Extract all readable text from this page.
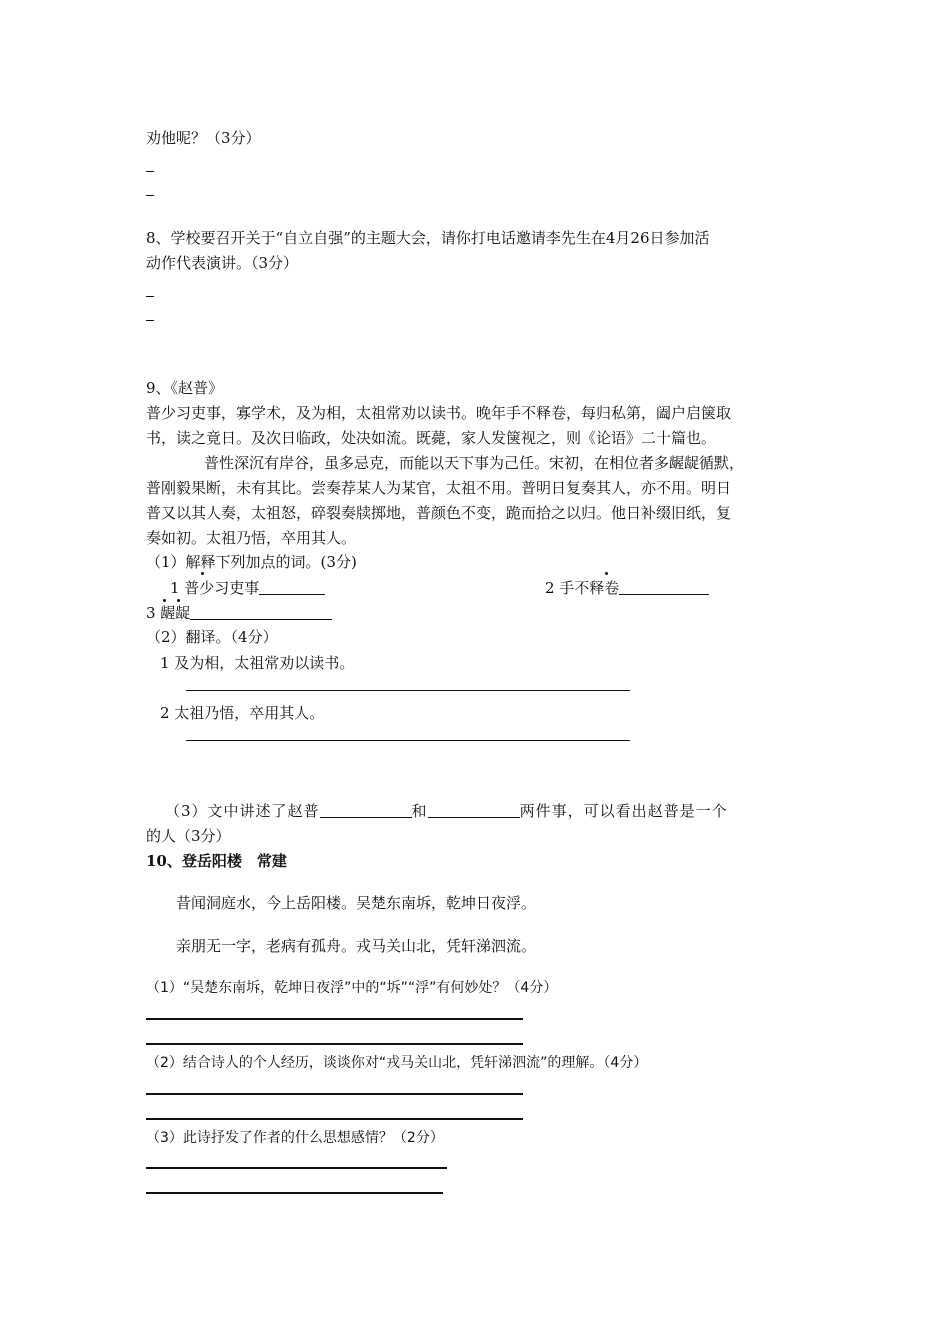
劝他呢？（3分）
8、学校要召开关于“自立自强”的主题大会，请你打电话邀请李先生在4月26日参加活
动作代表演讲。（3分）
9、《赵普》
普少习吏事，寡学术，及为相，太祖常劝以读书。晚年手不释卷，每归私第，阖户启箧取
书，读之竟日。及次日临政，处决如流。既薨，家人发箧视之，则《论语》二十篇也。
普性深沉有岸谷，虽多忌克，而能以天下事为己任。宋初，在相位者多龌龊循默，
普刚毅果断，未有其比。尝奏荐某人为某官，太祖不用。普明日复奏其人，亦不用。明日
普又以其人奏，太祖怒，碎裂奏牍掷地，普颜色不变，跪而拾之以归。他日补缀旧纸，复
奏如初。太祖乃悟，卒用其人。
（1）解释下列加点的词。(3分)
1 普少习吏事	2 手不释卷
3 龌龊
（2）翻译。（4分）
1 及为相，太祖常劝以读书。
2 太祖乃悟，卒用其人。
（3）文中讲述了赵普	和	两件事，可以看出赵普是一个
的人（3分）
10、登岳阳楼　常建
昔闻洞庭水，今上岳阳楼。吴楚东南坼，乾坤日夜浮。
亲朋无一字，老病有孤舟。戎马关山北，凭轩涕泗流。
（1）“吴楚东南坼，乾坤日夜浮”中的“坼”“浮”有何妙处？（4分）
（2）结合诗人的个人经历，谈谈你对“戎马关山北，凭轩涕泗流”的理解。（4分）
（3）此诗抒发了作者的什么思想感情？（2分）
